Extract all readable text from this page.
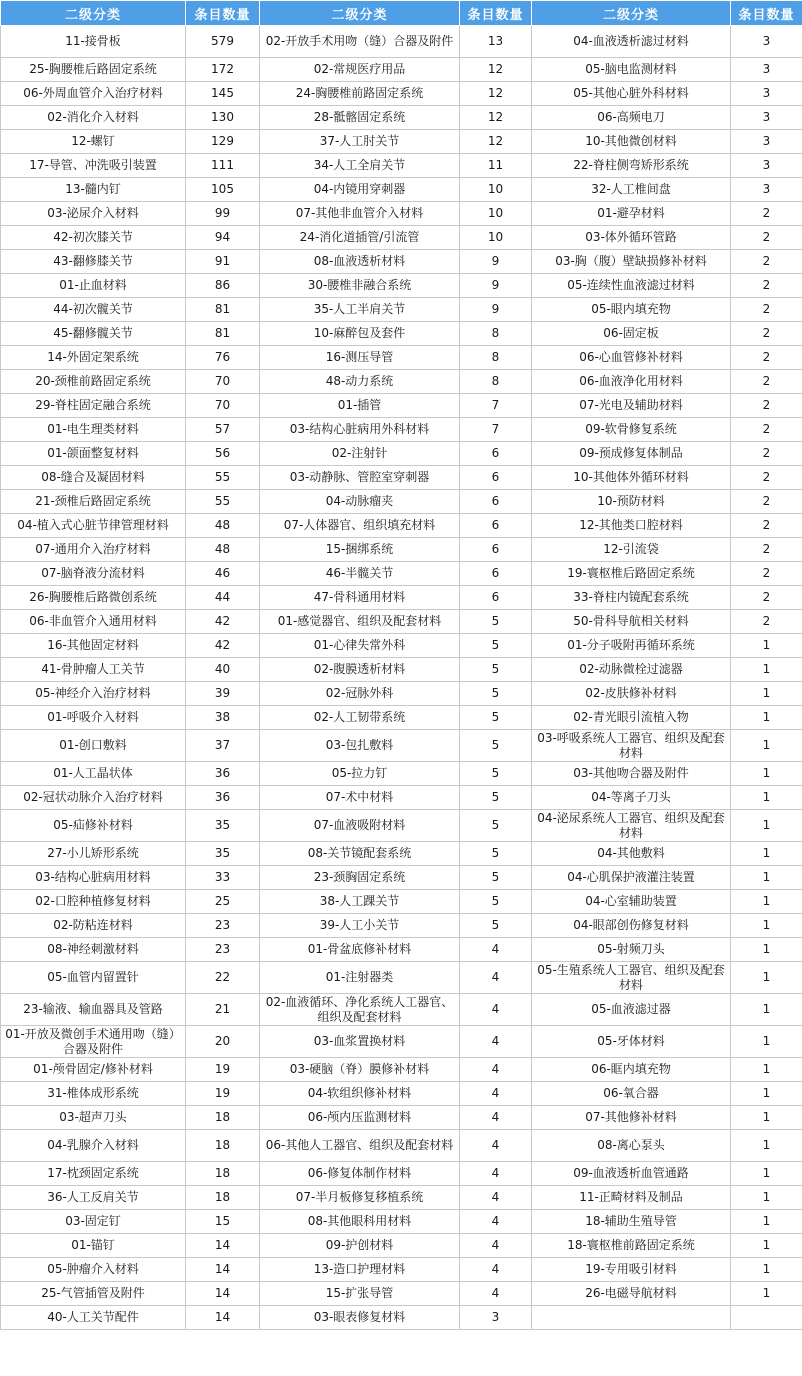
二级分类	条目数量	二级分类	条目数量	二级分类	条目数量
11-接骨板	579	02-开放手术用吻（缝）合器及附件	13	04-血液透析滤过材料	3
25-胸腰椎后路固定系统	172	02-常规医疗用品	12	05-脑电监测材料	3
06-外周血管介入治疗材料	145	24-胸腰椎前路固定系统	12	05-其他心脏外科材料	3
02-消化介入材料	130	28-骶髂固定系统	12	06-高频电刀	3
12-螺钉	129	37-人工肘关节	12	10-其他微创材料	3
17-导管、冲洗吸引装置	111	34-人工全肩关节	11	22-脊柱侧弯矫形系统	3
13-髓内钉	105	04-内镜用穿刺器	10	32-人工椎间盘	3
03-泌尿介入材料	99	07-其他非血管介入材料	10	01-避孕材料	2
42-初次膝关节	94	24-消化道插管/引流管	10	03-体外循环管路	2
43-翻修膝关节	91	08-血液透析材料	9	03-胸（腹）壁缺损修补材料	2
01-止血材料	86	30-腰椎非融合系统	9	05-连续性血液滤过材料	2
44-初次髋关节	81	35-人工半肩关节	9	05-眼内填充物	2
45-翻修髋关节	81	10-麻醉包及套件	8	06-固定板	2
14-外固定架系统	76	16-测压导管	8	06-心血管修补材料	2
20-颈椎前路固定系统	70	48-动力系统	8	06-血液净化用材料	2
29-脊柱固定融合系统	70	01-插管	7	07-光电及辅助材料	2
01-电生理类材料	57	03-结构心脏病用外科材料	7	09-软骨修复系统	2
01-颌面整复材料	56	02-注射针	6	09-预成修复体制品	2
08-缝合及凝固材料	55	03-动静脉、管腔室穿刺器	6	10-其他体外循环材料	2
21-颈椎后路固定系统	55	04-动脉瘤夹	6	10-预防材料	2
04-植入式心脏节律管理材料	48	07-人体器官、组织填充材料	6	12-其他类口腔材料	2
07-通用介入治疗材料	48	15-捆绑系统	6	12-引流袋	2
07-脑脊液分流材料	46	46-半髋关节	6	19-寰枢椎后路固定系统	2
26-胸腰椎后路微创系统	44	47-骨科通用材料	6	33-脊柱内镜配套系统	2
06-非血管介入通用材料	42	01-感觉器官、组织及配套材料	5	50-骨科导航相关材料	2
16-其他固定材料	42	01-心律失常外科	5	01-分子吸附再循环系统	1
41-骨肿瘤人工关节	40	02-腹膜透析材料	5	02-动脉微栓过滤器	1
05-神经介入治疗材料	39	02-冠脉外科	5	02-皮肤修补材料	1
01-呼吸介入材料	38	02-人工韧带系统	5	02-青光眼引流植入物	1
01-创口敷料	37	03-包扎敷料	5	03-呼吸系统人工器官、组织及配套材料	1
01-人工晶状体	36	05-拉力钉	5	03-其他吻合器及附件	1
02-冠状动脉介入治疗材料	36	07-术中材料	5	04-等离子刀头	1
05-疝修补材料	35	07-血液吸附材料	5	04-泌尿系统人工器官、组织及配套材料	1
27-小儿矫形系统	35	08-关节镜配套系统	5	04-其他敷料	1
03-结构心脏病用材料	33	23-颈胸固定系统	5	04-心肌保护液灌注装置	1
02-口腔种植修复材料	25	38-人工踝关节	5	04-心室辅助装置	1
02-防粘连材料	23	39-人工小关节	5	04-眼部创伤修复材料	1
08-神经刺激材料	23	01-骨盆底修补材料	4	05-射频刀头	1
05-血管内留置针	22	01-注射器类	4	05-生殖系统人工器官、组织及配套材料	1
23-输液、输血器具及管路	21	02-血液循环、净化系统人工器官、组织及配套材料	4	05-血液滤过器	1
01-开放及微创手术通用吻（缝）合器及附件	20	03-血浆置换材料	4	05-牙体材料	1
01-颅骨固定/修补材料	19	03-硬脑（脊）膜修补材料	4	06-眶内填充物	1
31-椎体成形系统	19	04-软组织修补材料	4	06-氧合器	1
03-超声刀头	18	06-颅内压监测材料	4	07-其他修补材料	1
04-乳腺介入材料	18	06-其他人工器官、组织及配套材料	4	08-离心泵头	1
17-枕颈固定系统	18	06-修复体制作材料	4	09-血液透析血管通路	1
36-人工反肩关节	18	07-半月板修复移植系统	4	11-正畸材料及制品	1
03-固定钉	15	08-其他眼科用材料	4	18-辅助生殖导管	1
01-锚钉	14	09-护创材料	4	18-寰枢椎前路固定系统	1
05-肿瘤介入材料	14	13-造口护理材料	4	19-专用吸引材料	1
25-气管插管及附件	14	15-扩张导管	4	26-电磁导航材料	1
40-人工关节配件	14	03-眼表修复材料	3		
